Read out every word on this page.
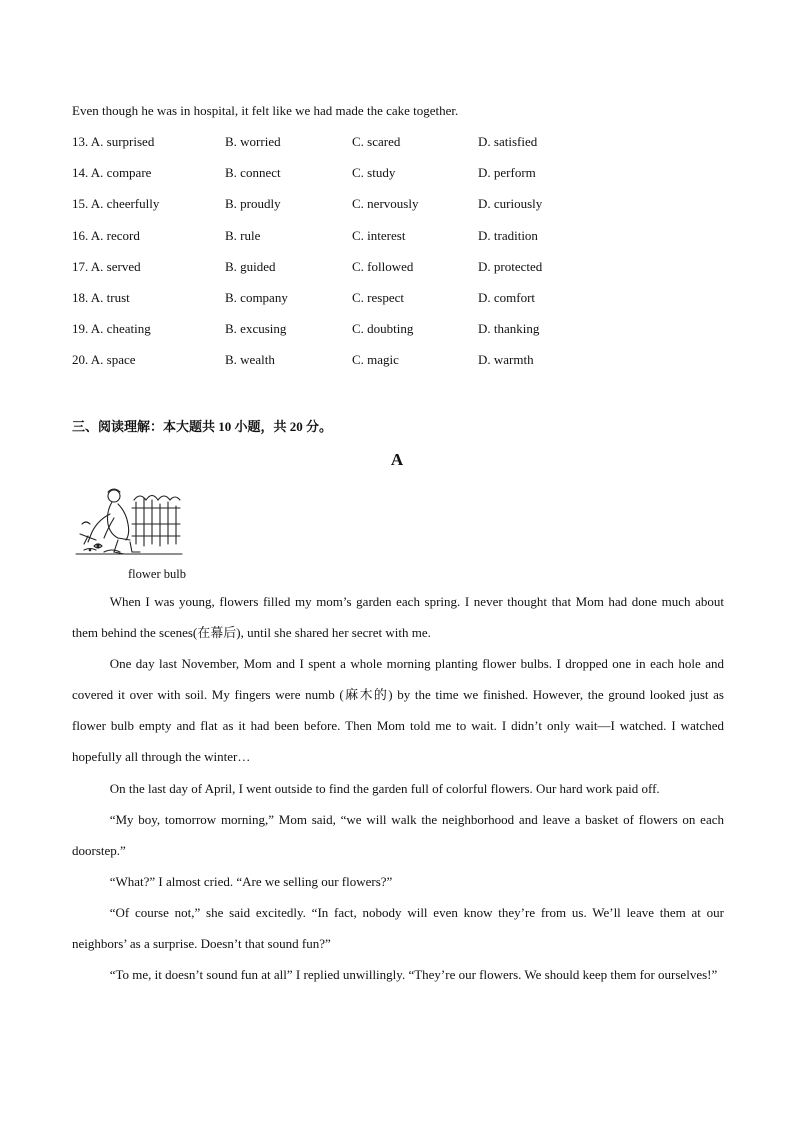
Even though he was in hospital, it felt like we had made the cake together.
13. A. surprised	B. worried	C. scared	D. satisfied
14. A. compare	B. connect	C. study	D. perform
15. A. cheerfully	B. proudly	C. nervously	D. curiously
16. A. record	B. rule	C. interest	D. tradition
17. A. served	B. guided	C. followed	D. protected
18. A. trust	B. company	C. respect	D. comfort
19. A. cheating	B. excusing	C. doubting	D. thanking
20. A. space	B. wealth	C. magic	D. warmth
三、阅读理解：本大题共 10 小题，共 20 分。
A
flower bulb

When I was young, flowers filled my mom’s garden each spring. I never thought that Mom had done much about them behind the scenes(在幕后), until she shared her secret with me.

One day last November, Mom and I spent a whole morning planting flower bulbs. I dropped one in each hole and covered it over with soil. My fingers were numb (麻木的) by the time we finished. However, the ground looked just as flower bulb empty and flat as it had been before. Then Mom told me to wait. I didn’t only wait—I watched. I watched hopefully all through the winter…

On the last day of April, I went outside to find the garden full of colorful flowers. Our hard work paid off.

“My boy, tomorrow morning,” Mom said, “we will walk the neighborhood and leave a basket of flowers on each doorstep.”

“What?” I almost cried. “Are we selling our flowers?”

“Of course not,” she said excitedly. “In fact, nobody will even know they’re from us. We’ll leave them at our neighbors’ as a surprise. Doesn’t that sound fun?”

“To me, it doesn’t sound fun at all” I replied unwillingly. “They’re our flowers. We should keep them for ourselves!”
